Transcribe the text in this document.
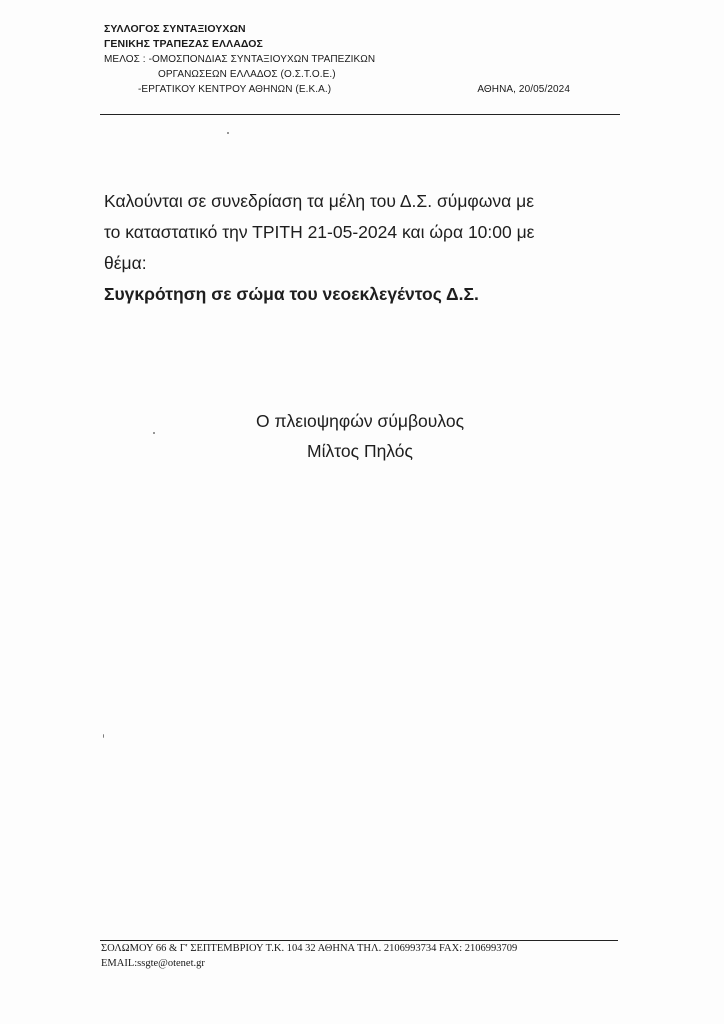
ΣΥΛΛΟΓΟΣ ΣΥΝΤΑΞΙΟΥΧΩΝ
ΓΕΝΙΚΗΣ ΤΡΑΠΕΖΑΣ ΕΛΛΑΔΟΣ
ΜΕΛΟΣ : -ΟΜΟΣΠΟΝΔΙΑΣ ΣΥΝΤΑΞΙΟΥΧΩΝ ΤΡΑΠΕΖΙΚΩΝ
ΟΡΓΑΝΩΣΕΩΝ ΕΛΛΑΔΟΣ (Ο.Σ.Τ.Ο.Ε.)
-ΕΡΓΑΤΙΚΟΥ ΚΕΝΤΡΟΥ ΑΘΗΝΩΝ (Ε.Κ.Α.)	ΑΘΗΝΑ, 20/05/2024

Καλούνται σε συνεδρίαση τα μέλη του Δ.Σ. σύμφωνα με

το καταστατικό την ΤΡΙΤΗ 21-05-2024 και ώρα 10:00 με

θέμα:

Συγκρότηση σε σώμα του νεοεκλεγέντος Δ.Σ.

Ο πλειοψηφών σύμβουλος
Μίλτος Πηλός
ΣΟΛΩΜΟΥ 66 & Γ' ΣΕΠΤΕΜΒΡΙΟΥ Τ.Κ. 104 32 ΑΘΗΝΑ ΤΗΛ. 2106993734 FAX: 2106993709
EMAIL:ssgte@otenet.gr
